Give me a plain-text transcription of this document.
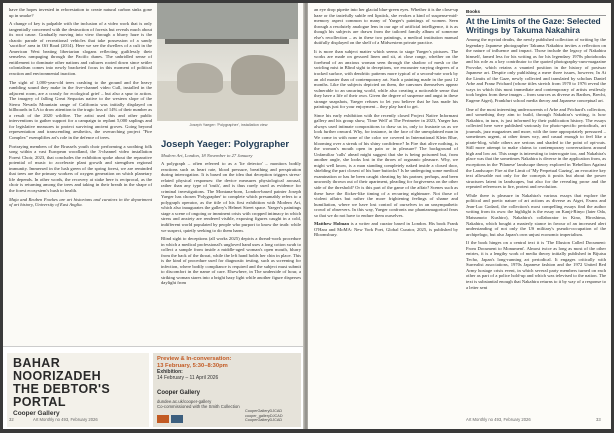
have the hopes invested in reforestation to create natural carbon sinks gone up in smoke?

A change of key is palpable with the inclusion of a video work that is only tangentially concerned with the destruction of forests but reveals much about its root cause. Gradually moving into view through a blurry haze is the chaotic parade of recreational vehicles that take possession of a sandy 'sacrifice' area in Off Road (2014). Here we see the dwellers of a cult in the American West beating libertarian slogans reflecting guiltlessly their senseless rampaging through the Pacific dunes. The unbridled sense of entitlement to dominate other nations and cultures rooted down since settler colonialism comes into newly bracketed focus in this moment of political reaction and environmental inaction.

The sight of 1,000-year-old trees crashing to the ground and the heavy rumbling sound they make in the five-channel video Cull, installed in the adjacent room, are a crassly for ecological grief – but also a spur to action. The imagery of falling Great Sequoias native to the western slope of the Sierra Nevada Mountain range of California was initially displayed on billboards in LA to draw attention to the tragic loss of 14% of their number as a result of the 2020 wildfire. The artist used this and other public interventions to gather support for a campaign to replant 5,000 saplings and for legislative measures to protect surviving ancient groves. Going beyond representation and transcending aesthetics, the overarching project "Fire Complex" exemplifies art's role in the defence of trees.

Portraying members of the Brussels youth choir performing a soothing folk song within a vast European woodland, the 3-channel video installation Forest Choir, 2023, that concludes the exhibition spoke about the reparative potential of music to accelerate plant growth and strengthen regional immunity. Immersed in the lush green of the spring forest, we are reminded that trees are the primary workers of oxygen generation on which planetary life depends. In other words, the recovery at stake here is reciprocal, as the choir is returning among the trees and taking in their breath in the shape of the forest ecosystem's hush to health.

Maja and Reuben Fowkes are art historians and curators in the department of art history, University of East Anglia.

Joseph Yaeger: 'Polygrapher', installation view
Joseph Yaeger: Polygrapher
Modern Art, London, 18 November to 27 January

A polygraph – often referred to as a 'lie detector' – monitors bodily reactions such as heart rate, blood pressure, breathing and perspiration during interrogation. It is based on the idea that deception triggers stress-related physical responses: the device measures physiological arousal, rather than any type of 'truth', and is thus rarely used as evidence for criminal investigations. The Montana-born, London-based painter Joseph Yaeger has chosen 'Polygrapher' to complete which presumably refers to a polygraph operator, as the title of his first exhibition with Modern Art, which also inaugurates the gallery's Helmet Street space. Yaeger's paintings stage a scene of ongoing or imminent crisis with cropped intimacy in which stress and anxiety are rendered visible, exposing figures caught in a cold, indifferent world populated by people who purport to know the truth: while we suspect, quietly seeking to do them harm.

Blind sight to deceptions (all works 2025) depicts a thread-work procedure in which a medical professional's ungloved hand uses a long cotton swab to collect a sample from inside a middle-aged woman's open mouth, blurry from the back of the throat, while the left hand holds her chin in place. This is the kind of procedure used for diagnostic testing, such as screening for infection, where bodily compliance is required and the subject must submit to discomfort in the name of care. Elsewhere, in The underside of hour, a striking woman stares into a bright hazy light while another figure disperses daylight from

BAHAR
NOORIZADEH
THE DEBTOR'S
PORTAL
Cooper Gallery
Preview & In-conversation:
13 February, 5:30–8:30pm
Exhibition:
14 February – 11 April 2026
Cooper Gallery
dundee.ac.uk/cooper-gallery
Co-commissioned with the Smith Collection
CooperGalleryDJCAD
cooper_galleryDJCAD
CooperGalleryDJCAD
32	Art Monthly no 493, February 2026

an eye drop pipette into her glacial blue-green eyes. Whether it is the close-up haze or the tastefully subtle red lipstick, she evokes a kind of suspense-mid-memory aspect common to many of Yaeger's paintings of women. Seen through a resolutely analogue lens in our age of artificial intelligence, it is as though his subjects are drawn from the tailored family album of someone else's recollection – as in these two paintings, a medical institution manual dutifully displayed on the shelf of a Midwestern private practice.

It is more than subject matter which seems to stage Yaeger's pictures. The works are made on gessoed linen and sit, at close range, whether on the forehead of an anxious woman seen through the shadow of mesh or the swirling mist in Blind sight to deceptions, we encounter varying degrees of a tracked surface, with dendritic patterns more typical of a second-rate work by an old master than of contemporary art. Such a painting made in the past 12 months. Like the subjects depicted on them, the canvases themselves appear vulnerable to an uncaring world, while also creating a noticeable sense that they have a life of their own. Given the degree of suspense and angst in these strange snapshots, Yaeger refuses to let you believe that he has made his paintings just for your enjoyment – they play hard to get.

Since his early exhibition with the recently closed Project Native Informant gallery and his group show, 'Time Well' at The Perimeter in 2023, Yaeger has always used intimate compositions to draw us in, only to frustrate us as we look further onward. Why, for instance, in the face of the unexplained man in We come in with none of the color we covered in International Klein Blue, blooming over a streak of his shiny confidence? In Fire that alive nothing, is the woman's mouth open in pain or in pleasure? The background of Unfamiliar 'calls' ahead might suggest that she is being poisoned but, from another angle, she looks lost in the throes of orgasmic pleasure. Why, we might well know, is a man standing completely naked inside a closed door, shielding the part closest of his bare buttocks? Is he undergoing some medical examination or has he been caught cheating by his partner, perhaps, and been unwontly thrown out of their apartment, pleading for forgiveness on the other side of the threshold? Or is this part of the game of the affair? Scenes such as these have the flicker-like timing of a recurring nightmare. Not those of violent affairs but rather the more frightening feelings of shame and humiliation, where we have lost control of ourselves in an unsympathetic crowd of observers. In this way, Yaeger confronts our phantasmagorical fears so that we do not have to endure them ourselves.

Matthew Holman is a writer and curator based in London. His book Frank O'Hara and MoMA: New York Poet, Global Curator, 2025, is published by Bloomsbury.

Books
At the Limits of the Gaze: Selected Writings by Takuma Nakahira

Among the myriad deaths, the newly published collection of writing by the legendary Japanese photographer Takuma Nakahira invites a reflection on the nature of influence and impact. Those include the legacy of Nakahira himself, famed less for his writing as for his legendary 1970s photobooks and his role as a key contributor to the quoted photography-cum-magazine Provoke, which retains a vaunted position in the history of postwar Japanese art. Despite only publishing a mere three issues, however, In At the Limits of the Gaze, newly collected and translated by scholars Daniel Arbe and Franz Prichard (whose titles stretch from 1970 to 1976 reveal the ways in which this most immediate and contemporary of artists restlessly took begins from these images – from sources as diverse as Barthes, Brecht, Eugene Atget), Frankfurt school media theory and Japanese conceptual art.

One of the most interesting undercurrents of Arbe and Prichard's collection, and something they aim to build, through Nakahira's writing, is how Nakahira, in turn, is just informed by their publication history. The essays collected here were published variously for photo-specific periodicals, art journals, jazz magazines and more, with the tone appropriately pressured – sometimes urgent, at other times wry, and casual enough to feel like a pirate-blog, while others are serious and shaded to the point of opt-outs. Still more attempt to make claims to contemporary conversations around high and low art. This range is interesting to interrogate too, and Nakahira's place was that the sometimes Nakahira is diverse in the application from, as exceptions in the 'Pilanese' landscape theory explored in 'Rebellion Against the Landscape: Fire at the Limit of 'My Perpetual Gazing', an evocative key text allowable not only for the concepts it posits but about the power structures latent in landscapes, but also for the revealing prose and the repeated references to fire, protest and revolution.

While there is pleasure in Nakahira's various essays that explore the political and poetic nature of art actions as diverse as Atget, Evans and Jean-Luc Godard, the collection's most compelling essays find the author writing from its own: the highlight is the essay on Kanji-Rinyo (later Oda, Matsumoto Kushiro), Nakahira's collaborator in Kino, Hiroshima, Nakahira, which bought a masterly stance in favour of an increased alert understanding of not only the US military's pseudo-occupation of the archipelago, but also Japan's own unjust economic imperialism.

If the book hinges on a central text it is 'The Illusion Called Document: From Document to Monument'. Almost twice as long as most of the other entries, it is a lengthy work of media theory initially published in Bijutsu Techo, Japan's long-running art periodical. It engages critically with Surrealist associations, 1970s Japanese fashion and the 1972 United Red Army hostage crisis event, in which several party members turned on each other as part of a police hold-up and which was televised to the nation. The text is substantial enough that Nakahira returns to it by way of a response to a letter sent

Art Monthly no 493, February 2026	33
